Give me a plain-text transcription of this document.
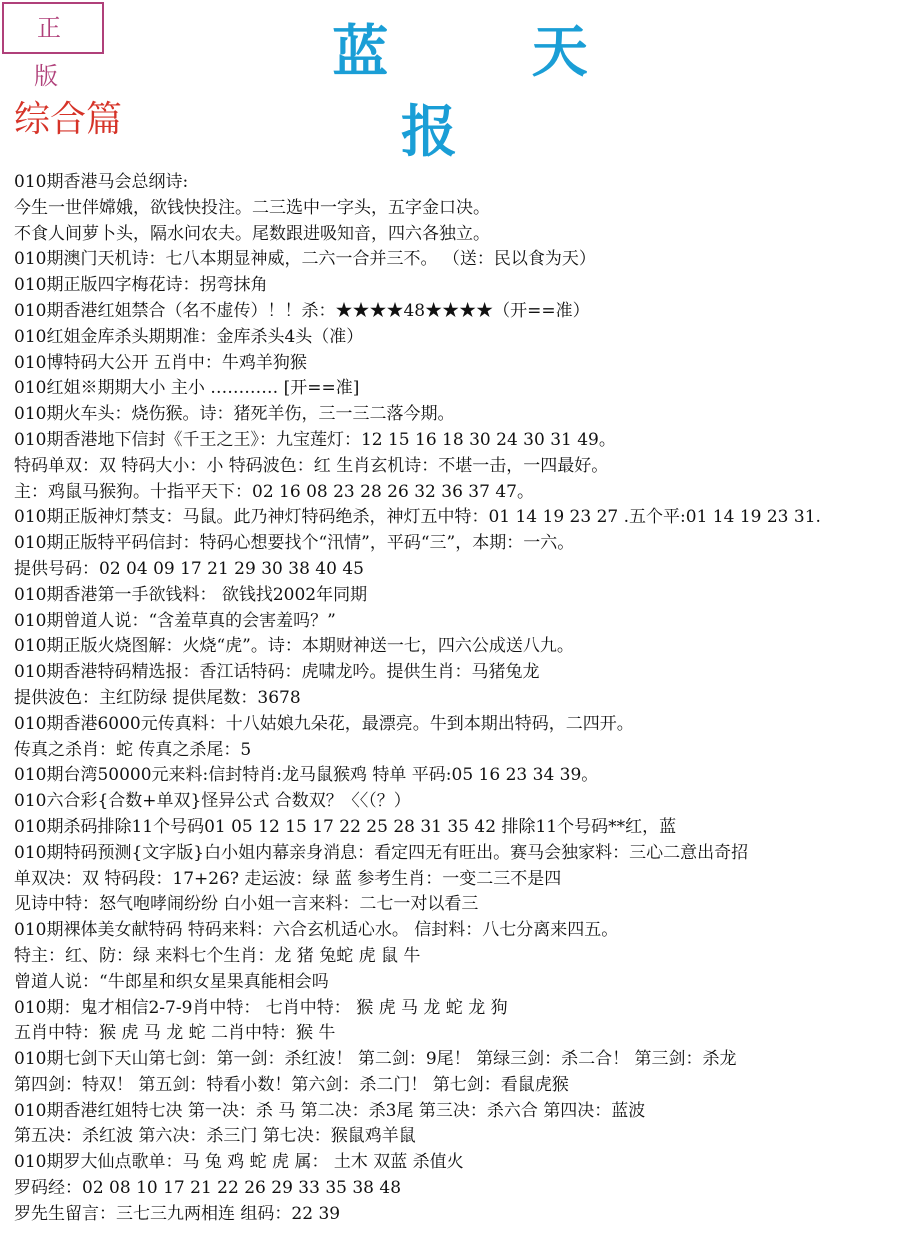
正 版	蓝 天 报
综合篇
010期香港马会总纲诗:
今生一世伴嫦娥，欲钱快投注。二三选中一字头，五字金口决。
不食人间萝卜头，隔水问农夫。尾数跟进吸知音，四六各独立。
010期澳门天机诗：七八本期显神威，二六一合并三不。 （送：民以食为天）
010期正版四字梅花诗：拐弯抹角
010期香港红姐禁合（名不虚传）！！杀：★★★★48★★★★（开==准）
010红姐金库杀头期期准：金库杀头4头（准）
010博特码大公开 五肖中：牛鸡羊狗猴
010红姐※期期大小 主小 ………… [开==准]
010期火车头：烧伤猴。诗：猪死羊伤，三一三二落今期。
010期香港地下信封《千王之王》：九宝莲灯：12 15 16 18 30 24 30 31 49。
特码单双：双 特码大小：小 特码波色：红 生肖玄机诗：不堪一击，一四最好。
主：鸡鼠马猴狗。十指平天下：02 16 08 23 28 26 32 36 37 47。
010期正版神灯禁支：马鼠。此乃神灯特码绝杀，神灯五中特：01 14 19 23 27 .五个平:01 14 19 23 31.
010期正版特平码信封：特码心想要找个“汛情”，平码“三”，本期：一六。
提供号码：02 04 09 17 21 29 30 38 40 45
010期香港第一手欲钱料： 欲钱找2002年同期
010期曾道人说：“含羞草真的会害羞吗？”
010期正版火烧图解：火烧“虎”。诗：本期财神送一七，四六公成送八九。
010期香港特码精选报：香江话特码：虎啸龙吟。提供生肖：马猪兔龙
提供波色：主红防绿 提供尾数：3678
010期香港6000元传真料：十八姑娘九朵花，最漂亮。牛到本期出特码，二四开。
传真之杀肖：蛇 传真之杀尾：5
010期台湾50000元来料:信封特肖:龙马鼠猴鸡 特单 平码:05 16 23 34 39。
010六合彩{合数+单双}怪异公式 合数双？〈〈（？）
010期杀码排除11个号码01 05 12 15 17 22 25 28 31 35 42 排除11个号码**红，蓝
010期特码预测{文字版}白小姐内幕亲身消息：看定四无有旺出。赛马会独家料：三心二意出奇招
单双决：双 特码段：17+26? 走运波：绿 蓝 参考生肖：一变二三不是四
见诗中特：怒气咆哮闹纷纷 白小姐一言来料：二七一对以看三
010期裸体美女献特码 特码来料：六合玄机适心水。 信封料：八七分离来四五。
特主：红、防：绿 来料七个生肖：龙 猪 兔蛇 虎 鼠 牛
曾道人说：“牛郎星和织女星果真能相会吗
010期：鬼才相信2-7-9肖中特： 七肖中特： 猴 虎 马 龙 蛇 龙 狗
五肖中特：猴 虎 马 龙 蛇 二肖中特：猴 牛
010期七剑下天山第七剑：第一剑：杀红波！ 第二剑：9尾！ 第绿三剑：杀二合！ 第三剑：杀龙
第四剑：特双！ 第五剑：特看小数！第六剑：杀二门！ 第七剑：看鼠虎猴
010期香港红姐特七决 第一决：杀 马 第二决：杀3尾 第三决：杀六合 第四决：蓝波
第五决：杀红波 第六决：杀三门 第七决：猴鼠鸡羊鼠
010期罗大仙点歌单：马 兔 鸡 蛇 虎 属： 土木 双蓝 杀值火
罗码经：02 08 10 17 21 22 26 29 33 35 38 48
罗先生留言：三七三九两相连 组码：22 39
